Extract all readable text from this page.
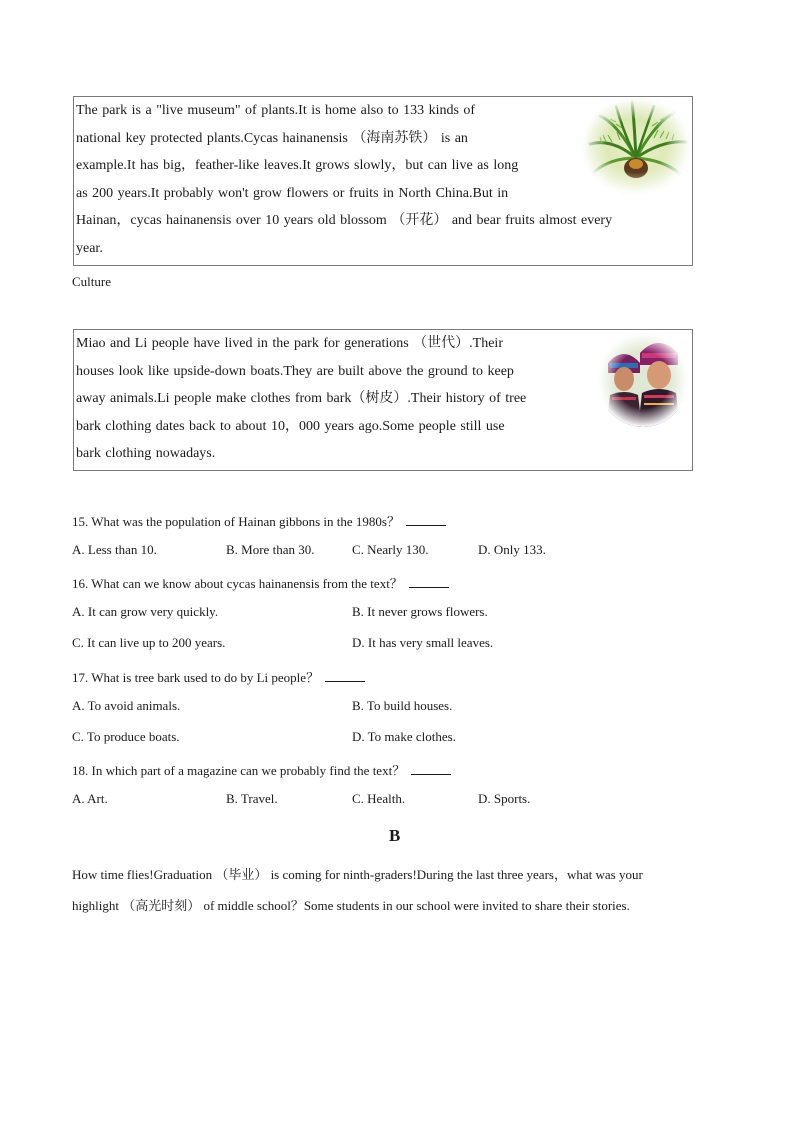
The park is a "live museum" of plants.It is home also to 133 kinds of
national key protected plants.Cycas hainanensis （海南苏铁） is an
example.It has big，feather-like leaves.It grows slowly，but can live as long
as 200 years.It probably won't grow flowers or fruits in North China.But in
Hainan，cycas hainanensis over 10 years old blossom （开花） and bear fruits almost every
year.
Culture
Miao and Li people have lived in the park for generations （世代）.Their
houses look like upside-down boats.They are built above the ground to keep
away animals.Li people make clothes from bark（树皮）.Their history of tree
bark clothing dates back to about 10，000 years ago.Some people still use
bark clothing nowadays.
15. What was the population of Hainan gibbons in the 1980s？
A. Less than 10.	B. More than 30.	C. Nearly 130.	D. Only 133.
16. What can we know about cycas hainanensis from the text？
A. It can grow very quickly.	B. It never grows flowers.
C. It can live up to 200 years.	D. It has very small leaves.
17. What is tree bark used to do by Li people？
A. To avoid animals.	B. To build houses.
C. To produce boats.	D. To make clothes.
18. In which part of a magazine can we probably find the text？
A. Art.	B. Travel.	C. Health.	D. Sports.
B
How time flies!Graduation （毕业） is coming for ninth-graders!During the last three years，what was your
highlight （高光时刻） of middle school？Some students in our school were invited to share their stories.
